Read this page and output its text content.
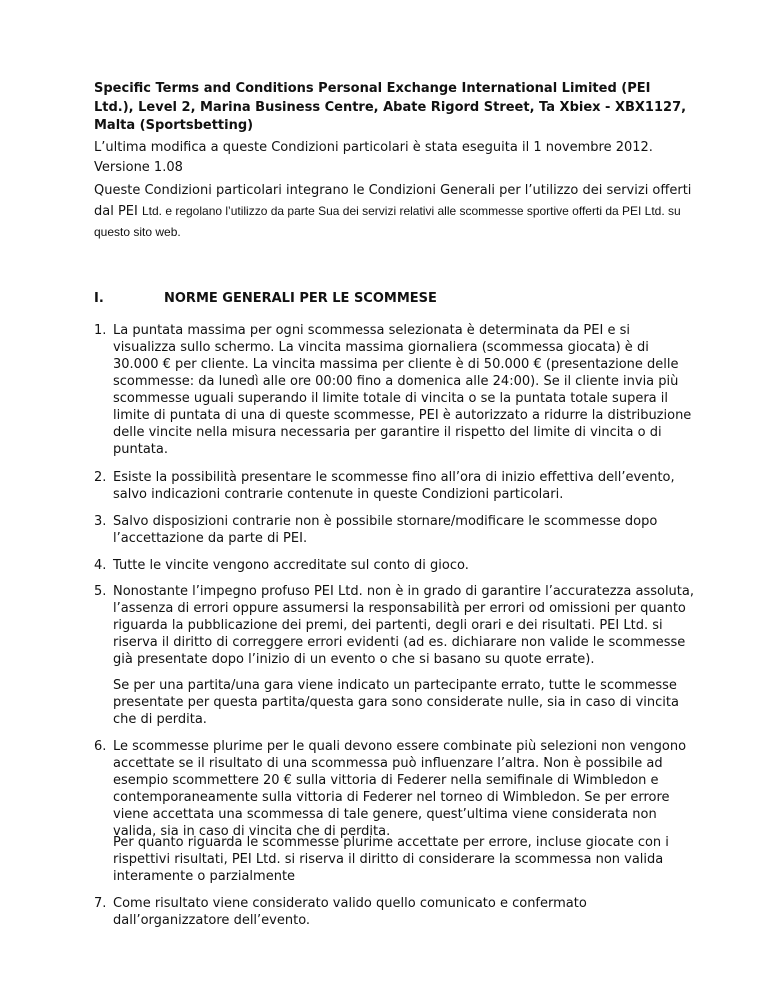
Specific Terms and Conditions Personal Exchange International Limited (PEI Ltd.), Level 2, Marina Business Centre, Abate Rigord Street, Ta Xbiex - XBX1127, Malta (Sportsbetting)
L’ultima modifica a queste Condizioni particolari è stata eseguita il 1 novembre 2012.
Versione 1.08
Queste Condizioni particolari integrano le Condizioni Generali per l’utilizzo dei servizi offerti dal PEI Ltd. e regolano l’utilizzo da parte Sua dei servizi relativi alle scommesse sportive offerti da PEI Ltd. su questo sito web.
I.	NORME GENERALI PER LE SCOMMESE
1. La puntata massima per ogni scommessa selezionata è determinata da PEI e si visualizza sullo schermo. La vincita massima giornaliera (scommessa giocata) è di 30.000 € per cliente. La vincita massima per cliente è di 50.000 € (presentazione delle scommesse: da lunedì alle ore 00:00 fino a domenica alle 24:00). Se il cliente invia più scommesse uguali superando il limite totale di vincita o se la puntata totale supera il limite di puntata di una di queste scommesse, PEI è autorizzato a ridurre la distribuzione delle vincite nella misura necessaria per garantire il rispetto del limite di vincita o di puntata.
2. Esiste la possibilità presentare le scommesse fino all’ora di inizio effettiva dell’evento, salvo indicazioni contrarie contenute in queste Condizioni particolari.
3. Salvo disposizioni contrarie non è possibile stornare/modificare le scommesse dopo l’accettazione da parte di PEI.
4. Tutte le vincite vengono accreditate sul conto di gioco.
5. Nonostante l’impegno profuso PEI Ltd. non è in grado di garantire l’accuratezza assoluta, l’assenza di errori oppure assumersi la responsabilità per errori od omissioni per quanto riguarda la pubblicazione dei premi, dei partenti, degli orari e dei risultati. PEI Ltd. si riserva il diritto di correggere errori evidenti (ad es. dichiarare non valide le scommesse già presentate dopo l’inizio di un evento o che si basano su quote errate).
Se per una partita/una gara viene indicato un partecipante errato, tutte le scommesse presentate per questa partita/questa gara sono considerate nulle, sia in caso di vincita che di perdita.
6. Le scommesse plurime per le quali devono essere combinate più selezioni non vengono accettate se il risultato di una scommessa può influenzare l’altra. Non è possibile ad esempio scommettere 20 € sulla vittoria di Federer nella semifinale di Wimbledon e contemporaneamente sulla vittoria di Federer nel torneo di Wimbledon. Se per errore viene accettata una scommessa di tale genere, quest’ultima viene considerata non valida, sia in caso di vincita che di perdita.
Per quanto riguarda le scommesse plurime accettate per errore, incluse giocate con i rispettivi risultati, PEI Ltd. si riserva il diritto di considerare la scommessa non valida interamente o parzialmente
7. Come risultato viene considerato valido quello comunicato e confermato dall’organizzatore dell’evento.
